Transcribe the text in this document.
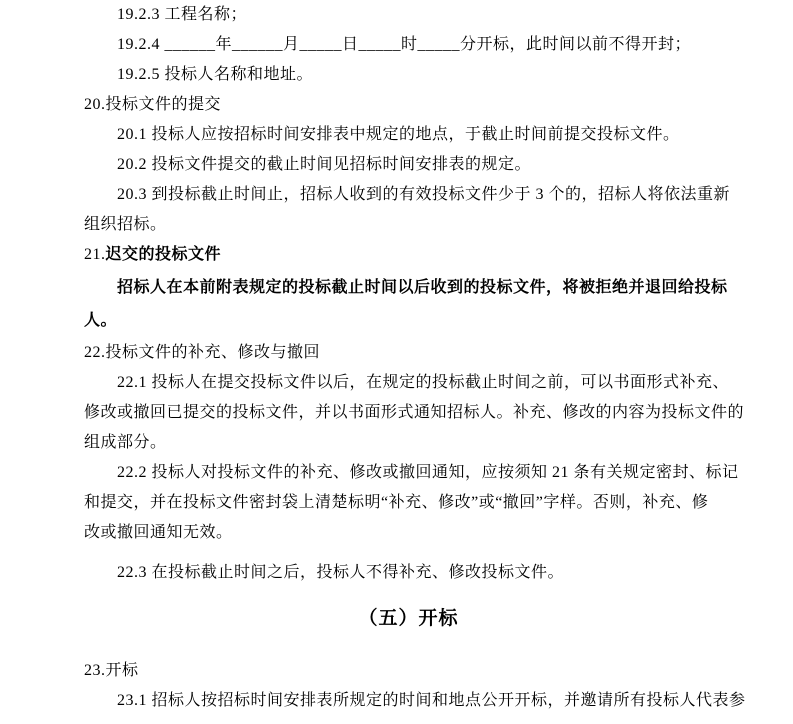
19.2.3 工程名称；
19.2.4 ______年______月_____日_____时_____分开标，此时间以前不得开封；
19.2.5 投标人名称和地址。
20.投标文件的提交
20.1 投标人应按招标时间安排表中规定的地点，于截止时间前提交投标文件。
20.2 投标文件提交的截止时间见招标时间安排表的规定。
20.3 到投标截止时间止，招标人收到的有效投标文件少于 3 个的，招标人将依法重新
组织招标。
21.迟交的投标文件
招标人在本前附表规定的投标截止时间以后收到的投标文件，将被拒绝并退回给投标
人。
22.投标文件的补充、修改与撤回
22.1 投标人在提交投标文件以后，在规定的投标截止时间之前，可以书面形式补充、
修改或撤回已提交的投标文件，并以书面形式通知招标人。补充、修改的内容为投标文件的
组成部分。
22.2 投标人对投标文件的补充、修改或撤回通知，应按须知 21 条有关规定密封、标记
和提交，并在投标文件密封袋上清楚标明“补充、修改”或“撤回”字样。否则，补充、修
改或撤回通知无效。
22.3 在投标截止时间之后，投标人不得补充、修改投标文件。
（五）开标
23.开标
23.1 招标人按招标时间安排表所规定的时间和地点公开开标，并邀请所有投标人代表参
